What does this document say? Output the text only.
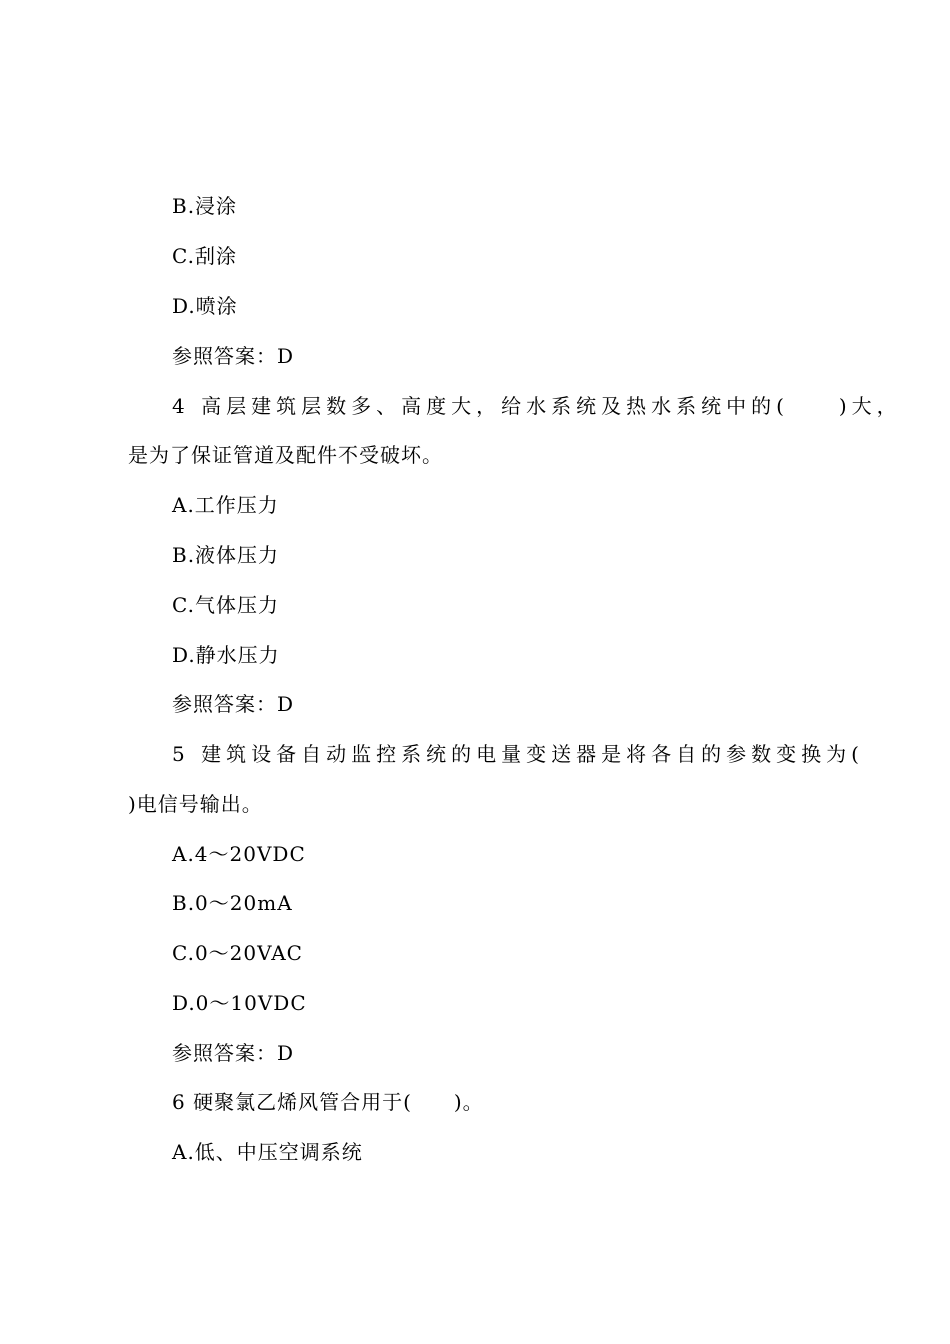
B.浸涂
C.刮涂
D.喷涂
参照答案：D
4 高层建筑层数多、高度大，给水系统及热水系统中的(　　)大，
是为了保证管道及配件不受破坏。
A.工作压力
B.液体压力
C.气体压力
D.静水压力
参照答案：D
5 建筑设备自动监控系统的电量变送器是将各自的参数变换为(
)电信号输出。
A.4～20VDC
B.0～20mA
C.0～20VAC
D.0～10VDC
参照答案：D
6 硬聚氯乙烯风管合用于(　　)。
A.低、中压空调系统
